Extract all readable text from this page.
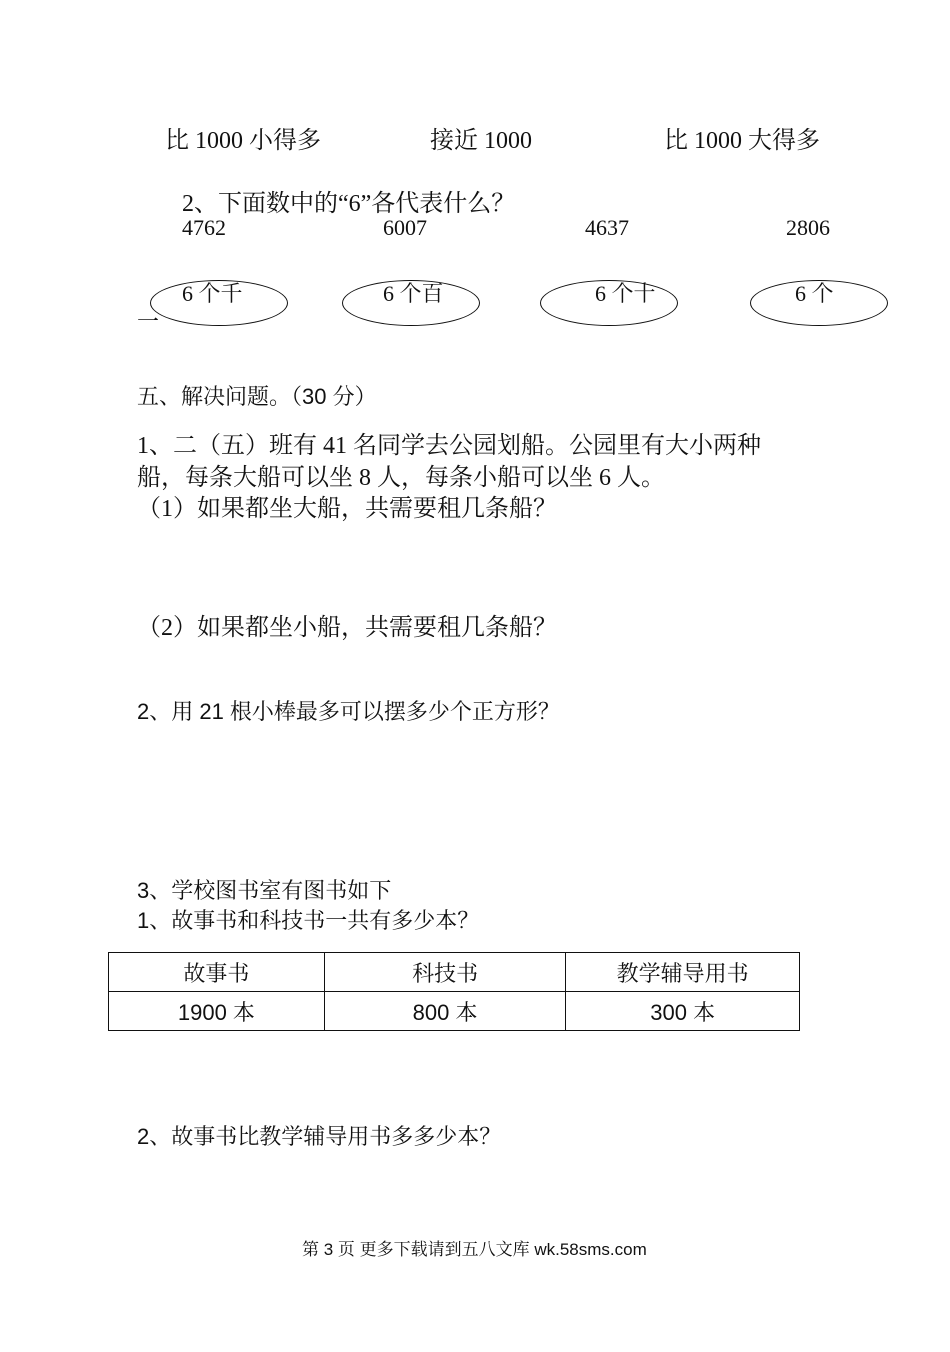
比 1000 小得多	接近 1000	比 1000 大得多
2、下面数中的“6”各代表什么？
4762	6007	4637	2806
6 个千	6 个百	6 个十	6 个
一
五、解决问题。（30 分）
1、二（五）班有 41 名同学去公园划船。公园里有大小两种
船，每条大船可以坐 8 人，每条小船可以坐 6 人。
（1）如果都坐大船，共需要租几条船？
（2）如果都坐小船，共需要租几条船？
2、用 21 根小棒最多可以摆多少个正方形？
3、学校图书室有图书如下
1、故事书和科技书一共有多少本？
故事书	科技书	教学辅导用书
1900 本	800 本	300 本
2、故事书比教学辅导用书多多少本？
第 3 页 更多下载请到五八文库 wk.58sms.com
